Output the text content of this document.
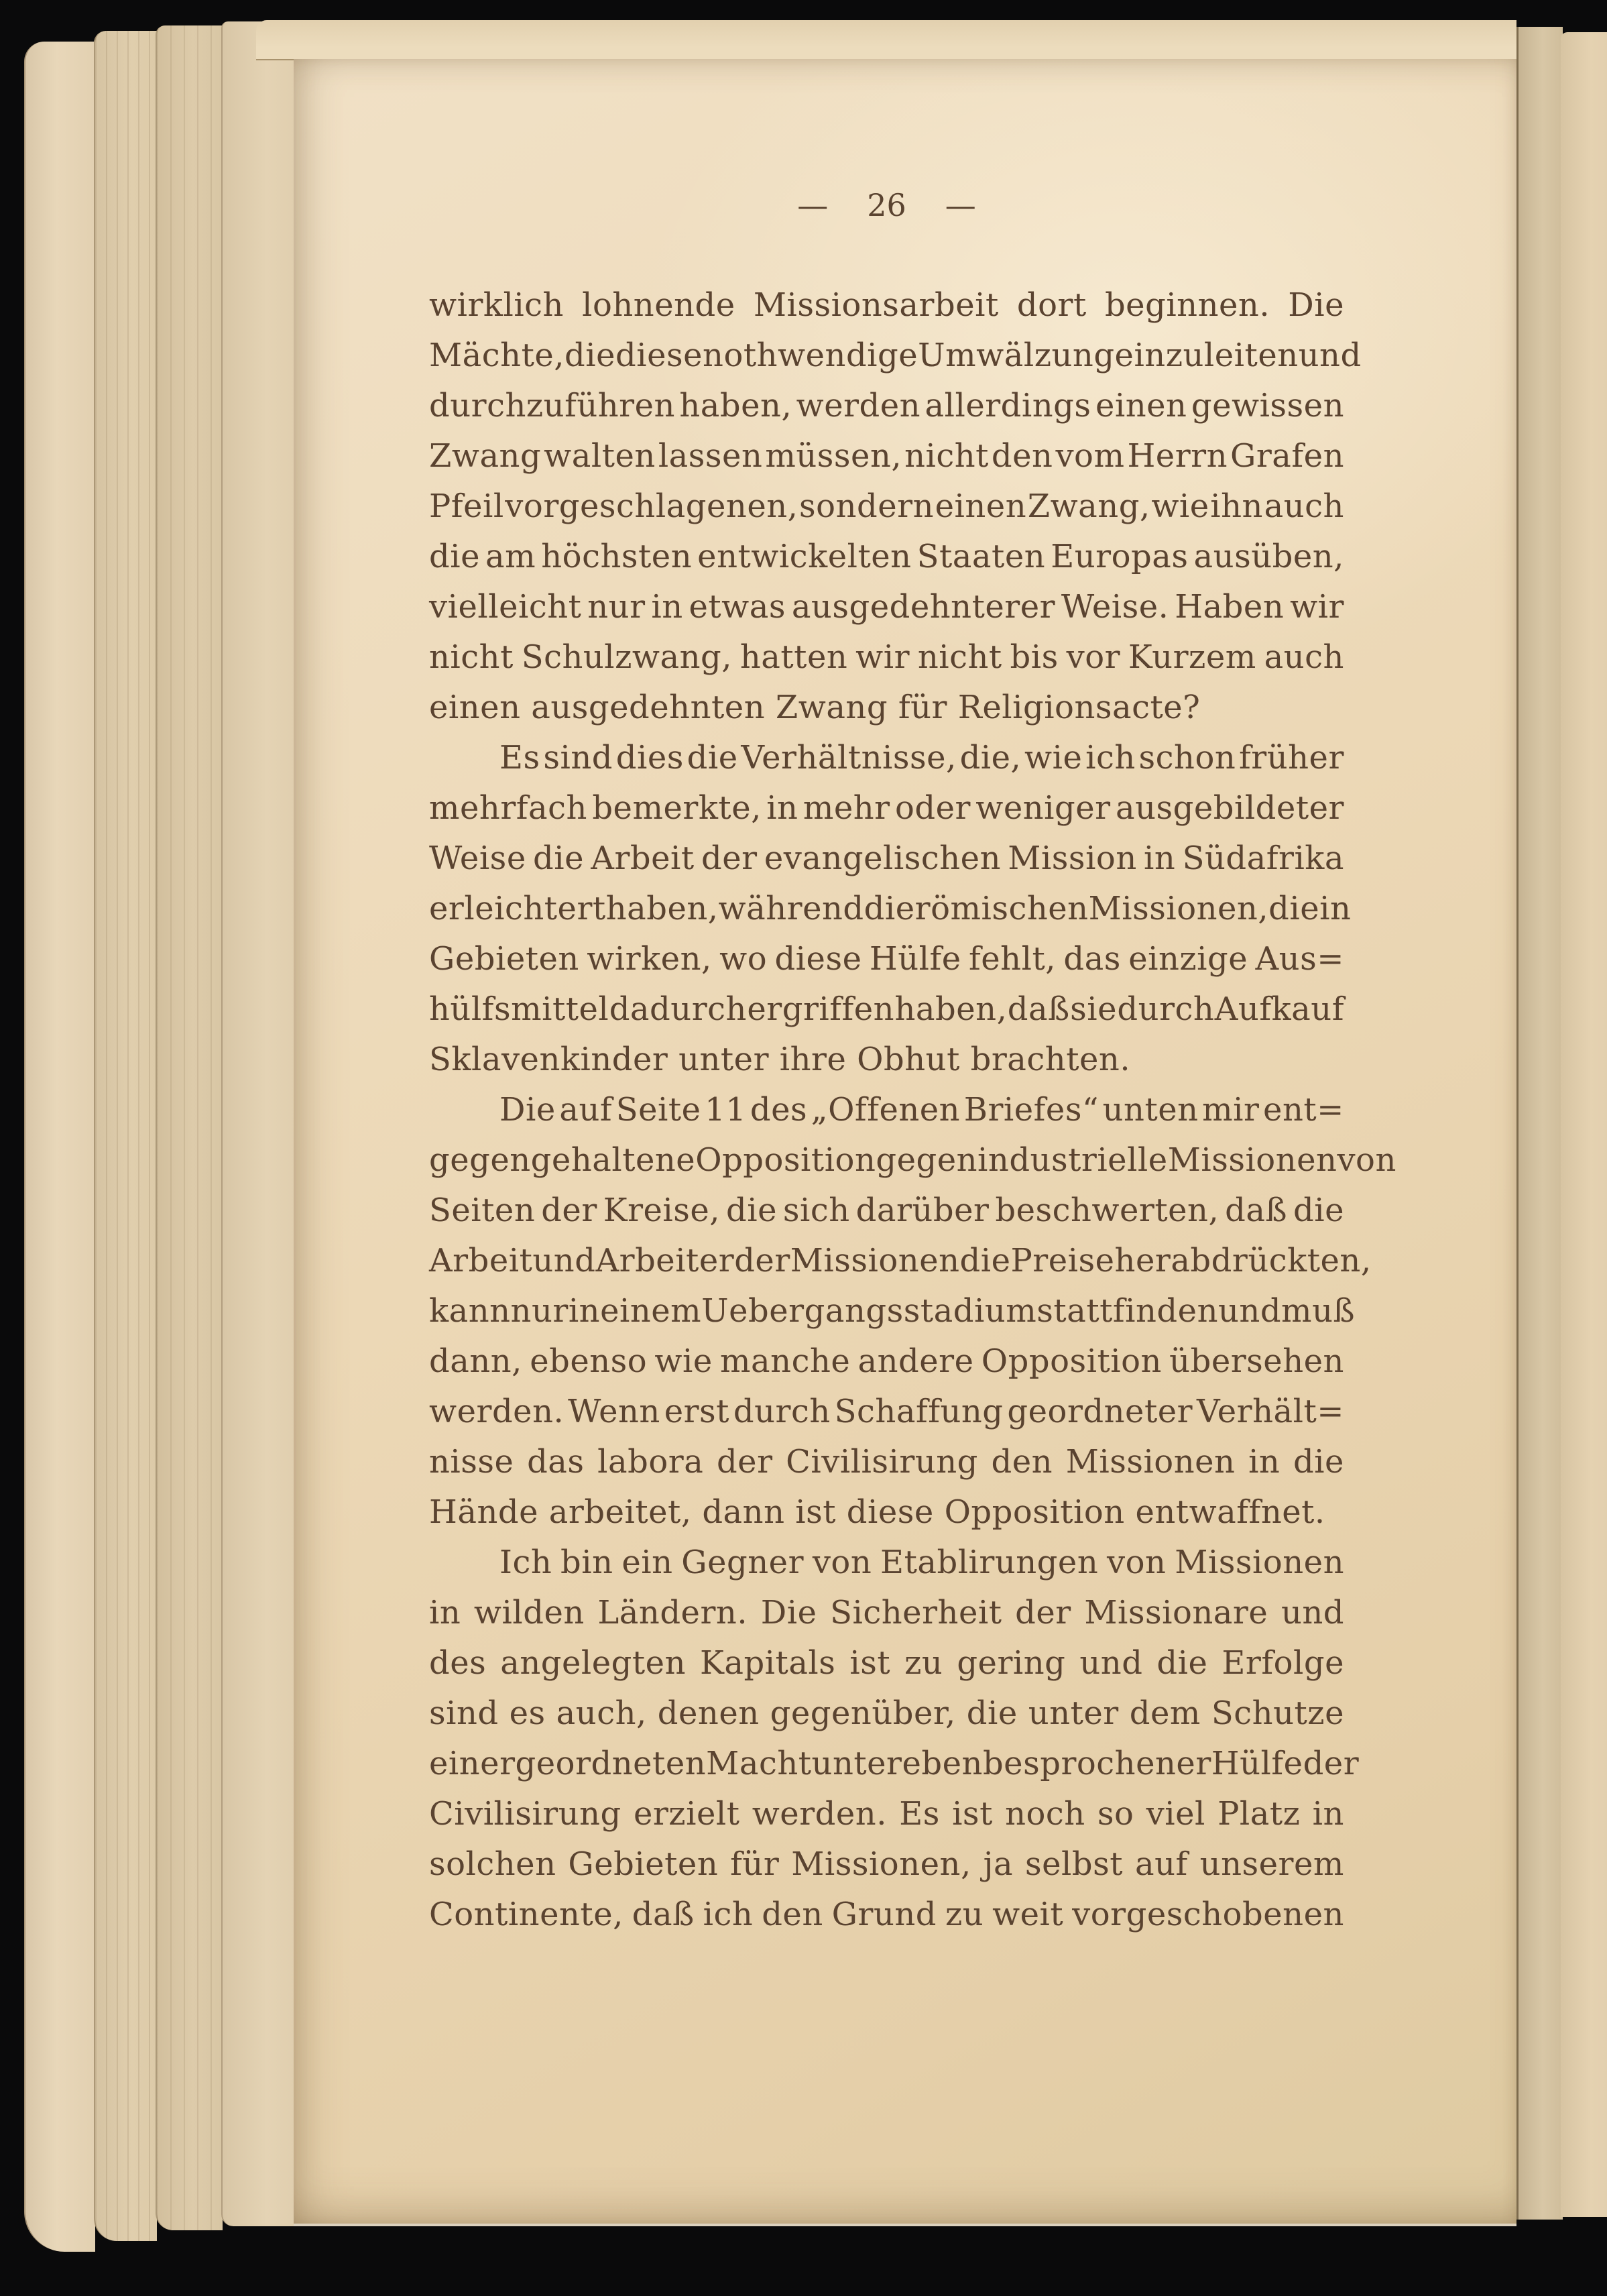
— 26 —
wirklich lohnende Missionsarbeit dort beginnen. Die
Mächte, die diese nothwendige Umwälzung einzuleiten und
durchzuführen haben, werden allerdings einen gewissen
Zwang walten lassen müssen, nicht den vom Herrn Grafen
Pfeil vorgeschlagenen, sondern einen Zwang, wie ihn auch
die am höchsten entwickelten Staaten Europas ausüben,
vielleicht nur in etwas ausgedehnterer Weise. Haben wir
nicht Schulzwang, hatten wir nicht bis vor Kurzem auch
einen ausgedehnten Zwang für Religionsacte?
Es sind dies die Verhältnisse, die, wie ich schon früher
mehrfach bemerkte, in mehr oder weniger ausgebildeter
Weise die Arbeit der evangelischen Mission in Südafrika
erleichtert haben, während die römischen Missionen, die in
Gebieten wirken, wo diese Hülfe fehlt, das einzige Aus=
hülfsmittel dadurch ergriffen haben, daß sie durch Aufkauf
Sklavenkinder unter ihre Obhut brachten.
Die auf Seite 11 des „Offenen Briefes“ unten mir ent=
gegengehaltene Opposition gegen industrielle Missionen von
Seiten der Kreise, die sich darüber beschwerten, daß die
Arbeit und Arbeiter der Missionen die Preise herabdrückten,
kann nur in einem Uebergangsstadium stattfinden und muß
dann, ebenso wie manche andere Opposition übersehen
werden. Wenn erst durch Schaffung geordneter Verhält=
nisse das labora der Civilisirung den Missionen in die
Hände arbeitet, dann ist diese Opposition entwaffnet.
Ich bin ein Gegner von Etablirungen von Missionen
in wilden Ländern. Die Sicherheit der Missionare und
des angelegten Kapitals ist zu gering und die Erfolge
sind es auch, denen gegenüber, die unter dem Schutze
einer geordneten Macht unter eben besprochener Hülfe der
Civilisirung erzielt werden. Es ist noch so viel Platz in
solchen Gebieten für Missionen, ja selbst auf unserem
Continente, daß ich den Grund zu weit vorgeschobenen
